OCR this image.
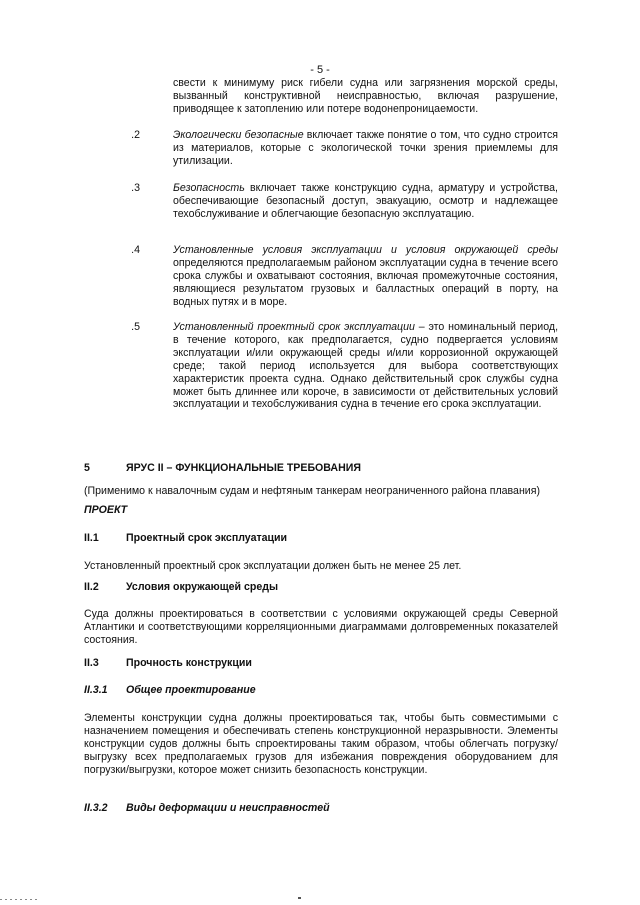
- 5 -
свести к минимуму риск гибели судна или загрязнения морской среды, вызванный конструктивной неисправностью, включая разрушение, приводящее к затоплению или потере водонепроницаемости.
.2	Экологически безопасные включает также понятие о том, что судно строится из материалов, которые с экологической точки зрения приемлемы для утилизации.
.3	Безопасность включает также конструкцию судна, арматуру и устройства, обеспечивающие безопасный доступ, эвакуацию, осмотр и надлежащее техобслуживание и облегчающие безопасную эксплуатацию.
.4	Установленные условия эксплуатации и условия окружающей среды определяются предполагаемым районом эксплуатации судна в течение всего срока службы и охватывают состояния, включая промежуточные состояния, являющиеся результатом грузовых и балластных операций в порту, на водных путях и в море.
.5	Установленный проектный срок эксплуатации – это номинальный период, в течение которого, как предполагается, судно подвергается условиям эксплуатации и/или окружающей среды и/или коррозионной окружающей среде; такой период используется для выбора соответствующих характеристик проекта судна. Однако действительный срок службы судна может быть длиннее или короче, в зависимости от действительных условий эксплуатации и техобслуживания судна в течение его срока эксплуатации.
5	ЯРУС II – ФУНКЦИОНАЛЬНЫЕ ТРЕБОВАНИЯ
(Применимо к навалочным судам и нефтяным танкерам неограниченного района плавания)
ПРОЕКТ
II.1	Проектный срок эксплуатации
Установленный проектный срок эксплуатации должен быть не менее 25 лет.
II.2	Условия окружающей среды
Суда должны проектироваться в соответствии с условиями окружающей среды Северной Атлантики и соответствующими корреляционными диаграммами долговременных показателей состояния.
II.3	Прочность конструкции
II.3.1 Общее проектирование
Элементы конструкции судна должны проектироваться так, чтобы быть совместимыми с назначением помещения и обеспечивать степень конструкционной неразрывности. Элементы конструкции судов должны быть спроектированы таким образом, чтобы облегчать погрузку/выгрузку всех предполагаемых грузов для избежания повреждения оборудованием для погрузки/выгрузки, которое может снизить безопасность конструкции.
II.3.2 Виды деформации и неисправностей
